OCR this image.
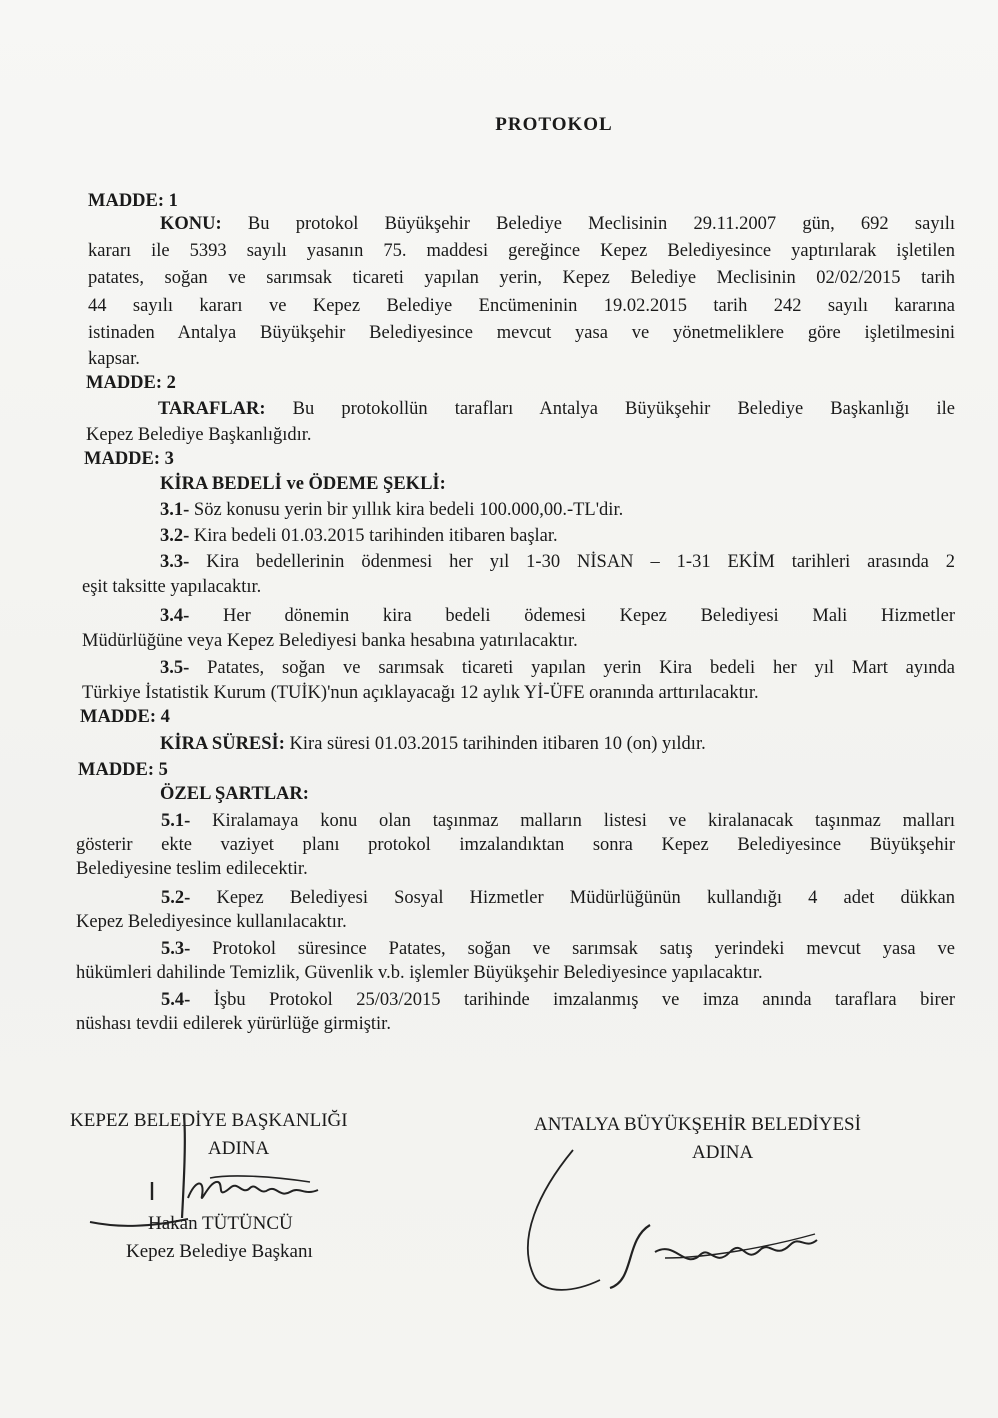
PROTOKOL
MADDE: 1
KONU: Bu protokol Büyükşehir Belediye Meclisinin 29.11.2007 gün, 692 sayılı
kararı ile 5393 sayılı yasanın 75. maddesi gereğince Kepez Belediyesince yaptırılarak işletilen
patates, soğan ve sarımsak ticareti yapılan yerin, Kepez Belediye Meclisinin 02/02/2015 tarih
44 sayılı kararı ve Kepez Belediye Encümeninin 19.02.2015 tarih 242 sayılı kararına
istinaden Antalya Büyükşehir Belediyesince mevcut yasa ve yönetmeliklere göre işletilmesini
kapsar.
MADDE: 2
TARAFLAR: Bu protokollün tarafları Antalya Büyükşehir Belediye Başkanlığı ile
Kepez Belediye Başkanlığıdır.
MADDE: 3
KİRA BEDELİ ve ÖDEME ŞEKLİ:
3.1- Söz konusu yerin bir yıllık kira bedeli 100.000,00.-TL'dir.
3.2- Kira bedeli 01.03.2015 tarihinden itibaren başlar.
3.3- Kira bedellerinin ödenmesi her yıl 1-30 NİSAN – 1-31 EKİM tarihleri arasında 2
eşit taksitte yapılacaktır.
3.4- Her dönemin kira bedeli ödemesi Kepez Belediyesi Mali Hizmetler
Müdürlüğüne veya Kepez Belediyesi banka hesabına yatırılacaktır.
3.5- Patates, soğan ve sarımsak ticareti yapılan yerin Kira bedeli her yıl Mart ayında
Türkiye İstatistik Kurum (TUİK)'nun açıklayacağı 12 aylık Yİ-ÜFE oranında arttırılacaktır.
MADDE: 4
KİRA SÜRESİ: Kira süresi 01.03.2015 tarihinden itibaren 10 (on) yıldır.
MADDE: 5
ÖZEL ŞARTLAR:
5.1- Kiralamaya konu olan taşınmaz malların listesi ve kiralanacak taşınmaz malları
gösterir ekte vaziyet planı protokol imzalandıktan sonra Kepez Belediyesince Büyükşehir
Belediyesine teslim edilecektir.
5.2- Kepez Belediyesi Sosyal Hizmetler Müdürlüğünün kullandığı 4 adet dükkan
Kepez Belediyesince kullanılacaktır.
5.3- Protokol süresince Patates, soğan ve sarımsak satış yerindeki mevcut yasa ve
hükümleri dahilinde Temizlik, Güvenlik v.b. işlemler Büyükşehir Belediyesince yapılacaktır.
5.4- İşbu Protokol 25/03/2015 tarihinde imzalanmış ve imza anında taraflara birer
nüshası tevdii edilerek yürürlüğe girmiştir.
KEPEZ BELEDİYE BAŞKANLIĞI
ADINA
Hakan TÜTÜNCÜ
Kepez Belediye Başkanı
ANTALYA BÜYÜKŞEHİR BELEDİYESİ
ADINA
